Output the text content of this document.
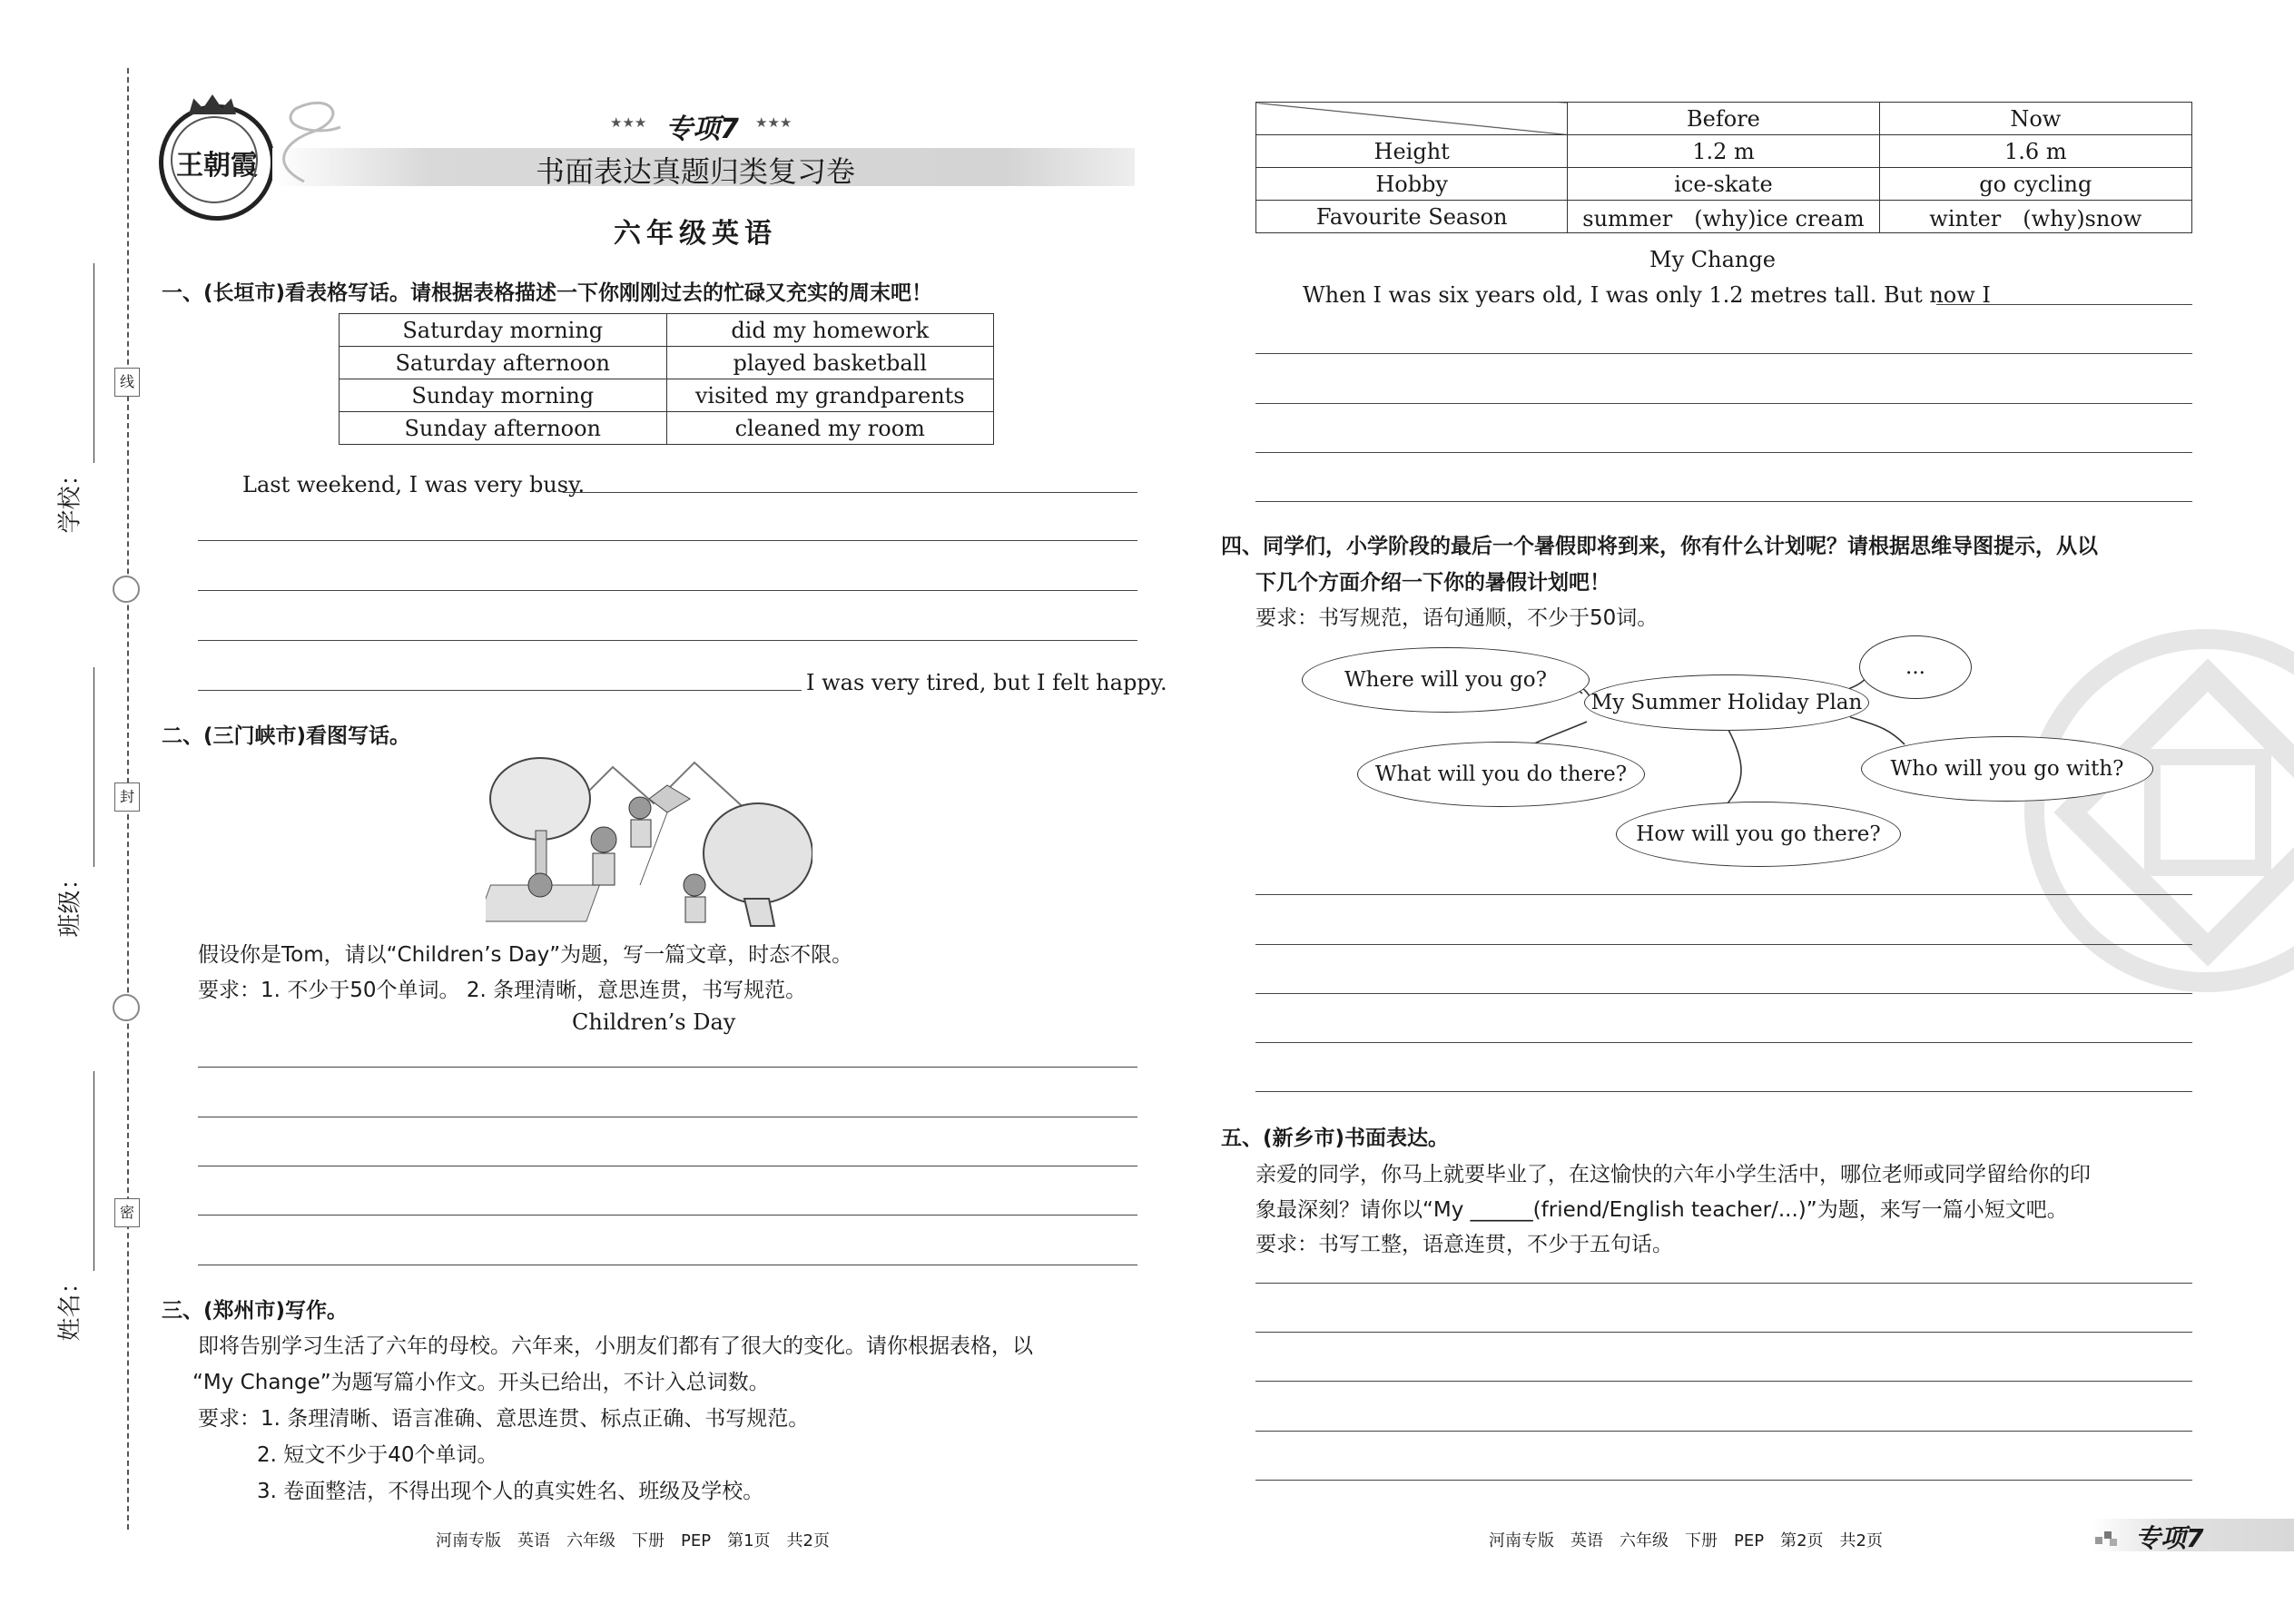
线
封
密
学校：
班级：
姓名：
王朝霞
★★★ 专项7 ★★★
书面表达真题归类复习卷
六年级英语
一、(长垣市)看表格写话。请根据表格描述一下你刚刚过去的忙碌又充实的周末吧！
Saturday morning	did my homework
Saturday afternoon	played basketball
Sunday morning	visited my grandparents
Sunday afternoon	cleaned my room
Last weekend, I was very busy.
I was very tired, but I felt happy.
二、(三门峡市)看图写话。
假设你是Tom，请以“Children’s Day”为题，写一篇文章，时态不限。
要求：1. 不少于50个单词。 2. 条理清晰，意思连贯，书写规范。
Children’s Day
三、(郑州市)写作。
即将告别学习生活了六年的母校。六年来，小朋友们都有了很大的变化。请你根据表格，以
“My Change”为题写篇小作文。开头已给出，不计入总词数。
要求：1. 条理清晰、语言准确、意思连贯、标点正确、书写规范。
2. 短文不少于40个单词。
3. 卷面整洁，不得出现个人的真实姓名、班级及学校。
河南专版　英语　六年级　下册　PEP　第1页　共2页
	Before	Now
Height	1.2 m	1.6 m
Hobby	ice-skate	go cycling
Favourite Season	summer　(why)ice cream	winter　(why)snow
My Change
When I was six years old, I was only 1.2 metres tall. But now I
四、同学们，小学阶段的最后一个暑假即将到来，你有什么计划呢？请根据思维导图提示，从以
下几个方面介绍一下你的暑假计划吧！
要求：书写规范，语句通顺，不少于50词。
Where will you go?
...
My Summer Holiday Plan
What will you do there?	Who will you go with?
How will you go there?
五、(新乡市)书面表达。
亲爱的同学，你马上就要毕业了，在这愉快的六年小学生活中，哪位老师或同学留给你的印
象最深刻？请你以“My ______(friend/English teacher/...)”为题，来写一篇小短文吧。
要求：书写工整，语意连贯，不少于五句话。
河南专版　英语　六年级　下册　PEP　第2页　共2页	专项7
